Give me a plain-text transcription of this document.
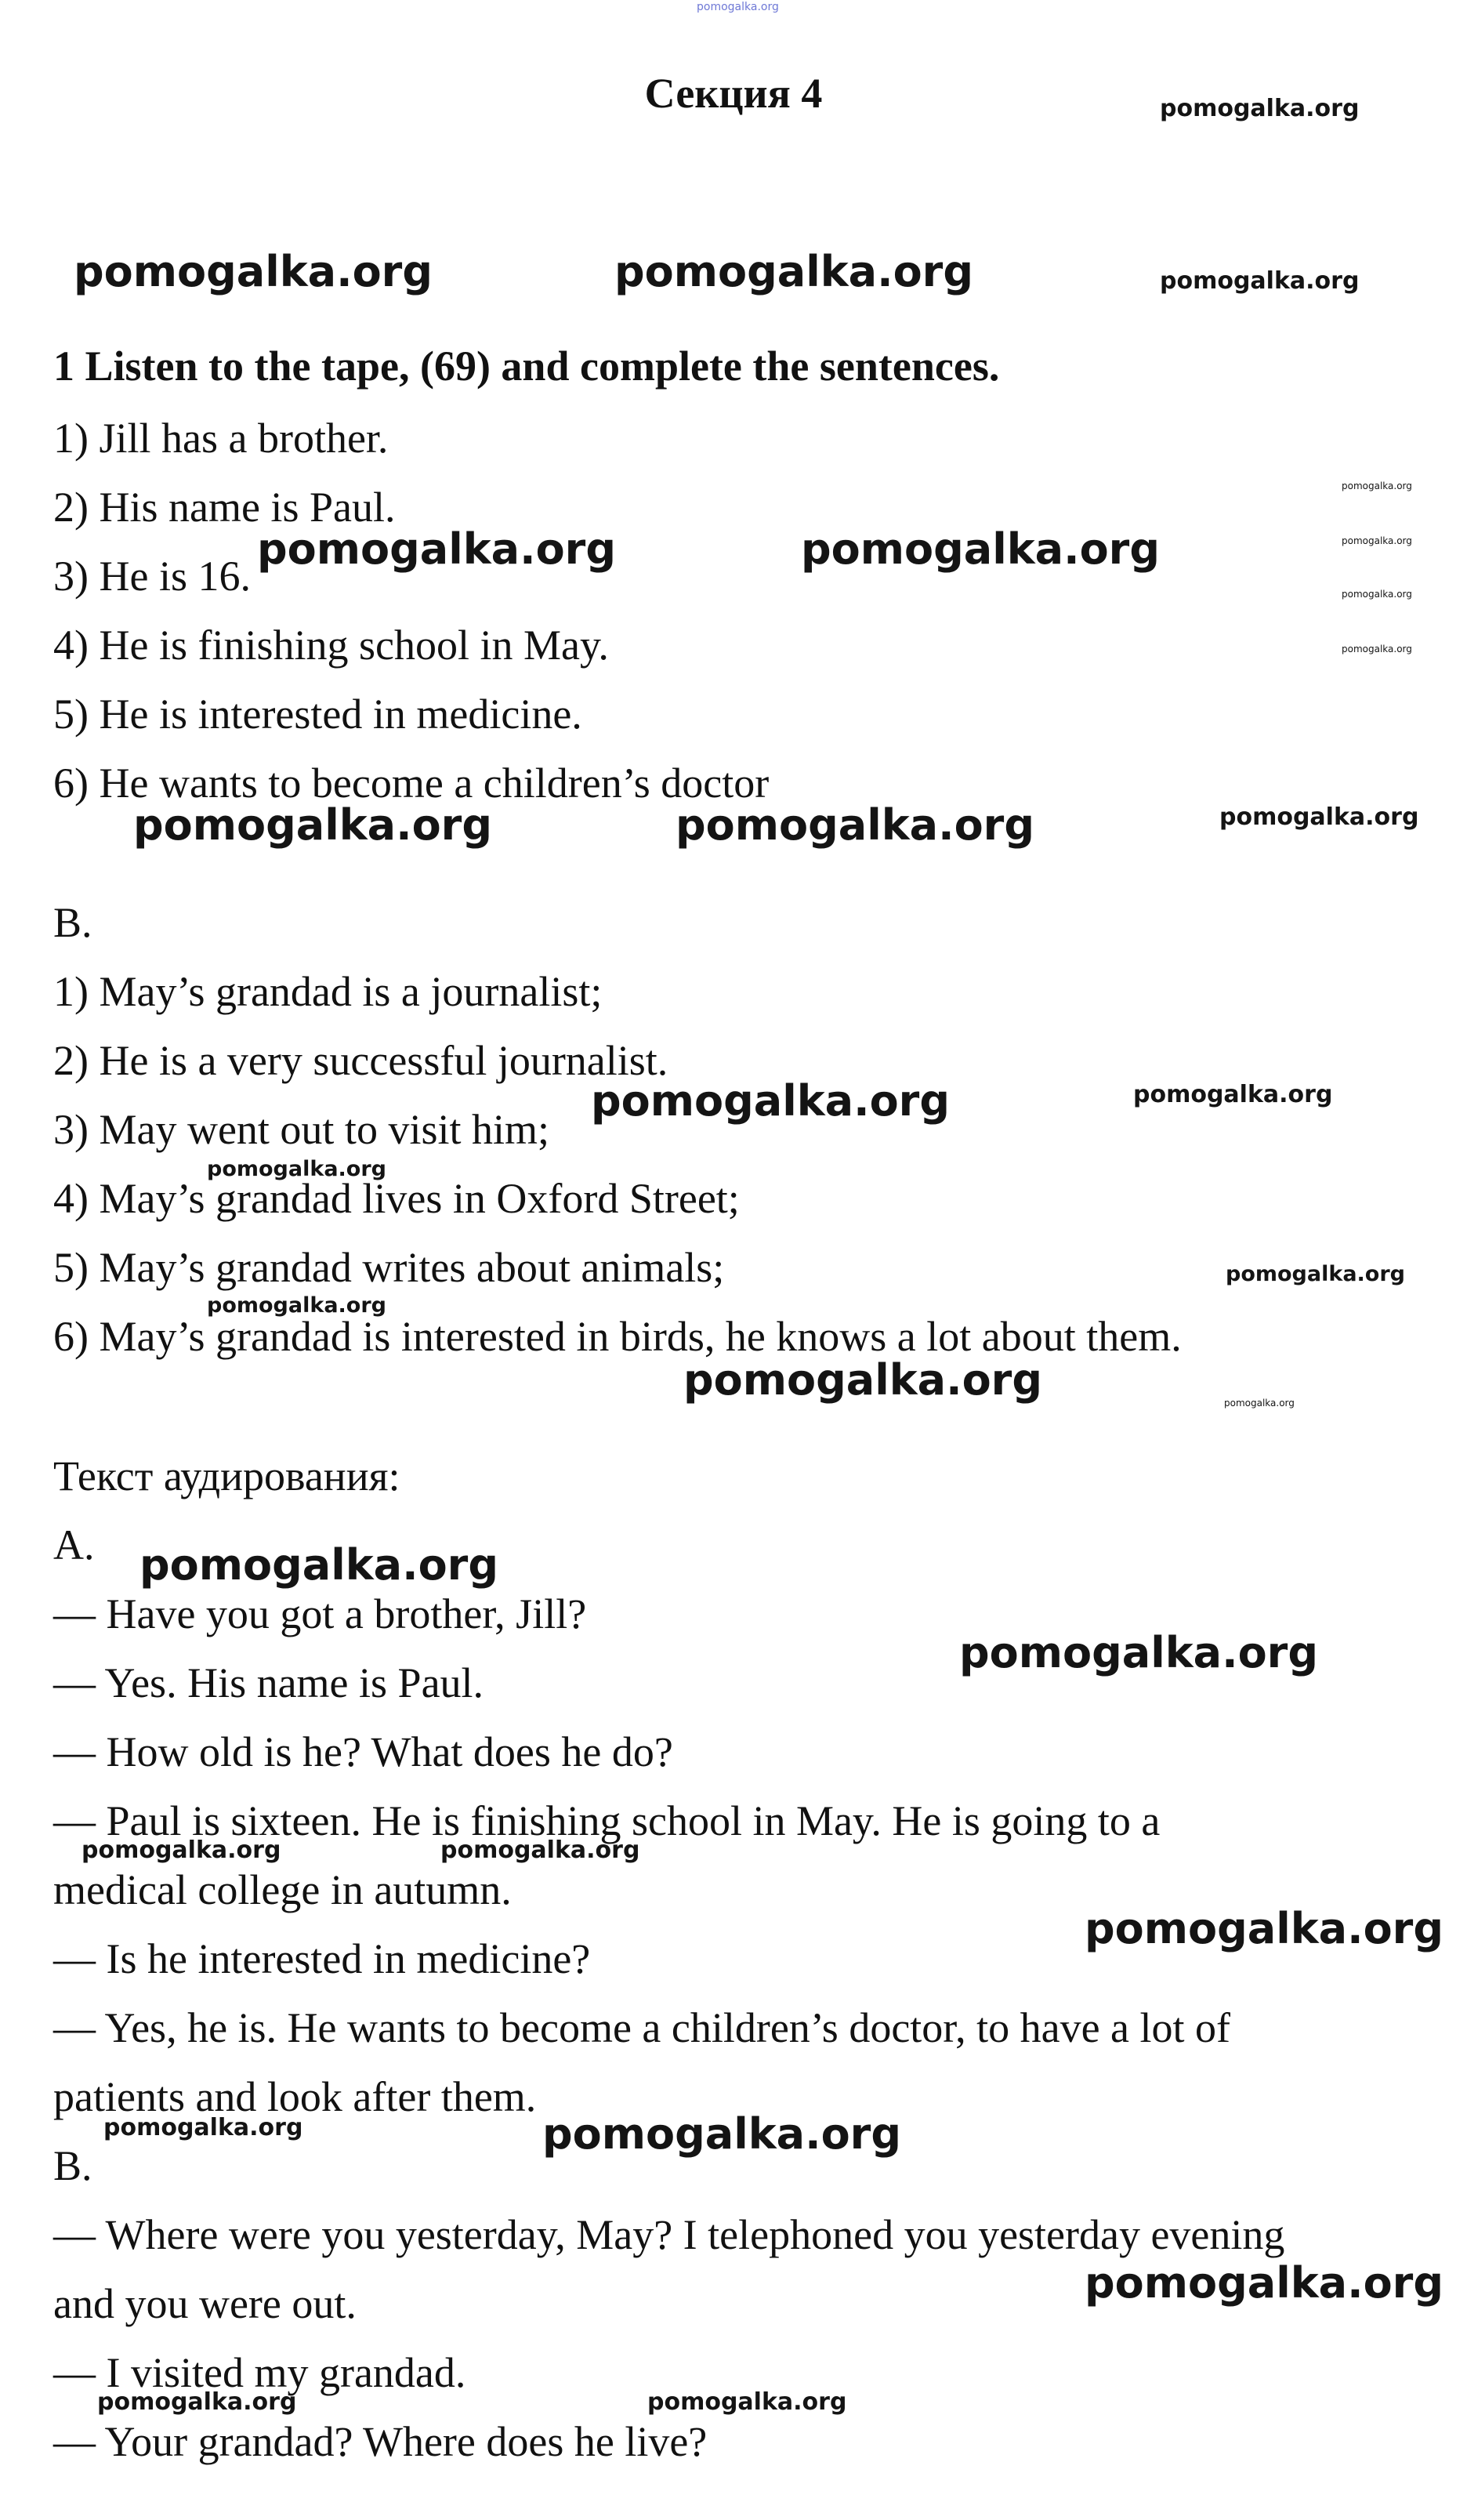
Секция 4
1 Listen to the tape, (69) and complete the sentences.
1) Jill has a brother.
2) His name is Paul.
3) He is 16.
4) He is finishing school in May.
5) He is interested in medicine.
6) He wants to become a children’s doctor
B.
1) May’s grandad is a journalist;
2) He is a very successful journalist.
3) May went out to visit him;
4) May’s grandad lives in Oxford Street;
5) May’s grandad writes about animals;
6) May’s grandad is interested in birds, he knows a lot about them.
Текст аудирования:
A.
— Have you got a brother, Jill?
— Yes. His name is Paul.
— How old is he? What does he do?
— Paul is sixteen. He is finishing school in May. He is going to a
medical college in autumn.
— Is he interested in medicine?
— Yes, he is. He wants to become a children’s doctor, to have a lot of
patients and look after them.
B.
— Where were you yesterday, May? I telephoned you yesterday evening
and you were out.
— I visited my grandad.
— Your grandad? Where does he live?
pomogalka.org
pomogalka.org
pomogalka.org	pomogalka.org	pomogalka.org
pomogalka.org
pomogalka.org
pomogalka.org
pomogalka.org
pomogalka.org	pomogalka.org
pomogalka.org
pomogalka.org	pomogalka.org
pomogalka.org	pomogalka.org
pomogalka.org
pomogalka.org
pomogalka.org
pomogalka.org	pomogalka.org
pomogalka.org
pomogalka.org
pomogalka.org	pomogalka.org
pomogalka.org
pomogalka.org	pomogalka.org
pomogalka.org
pomogalka.org	pomogalka.org
